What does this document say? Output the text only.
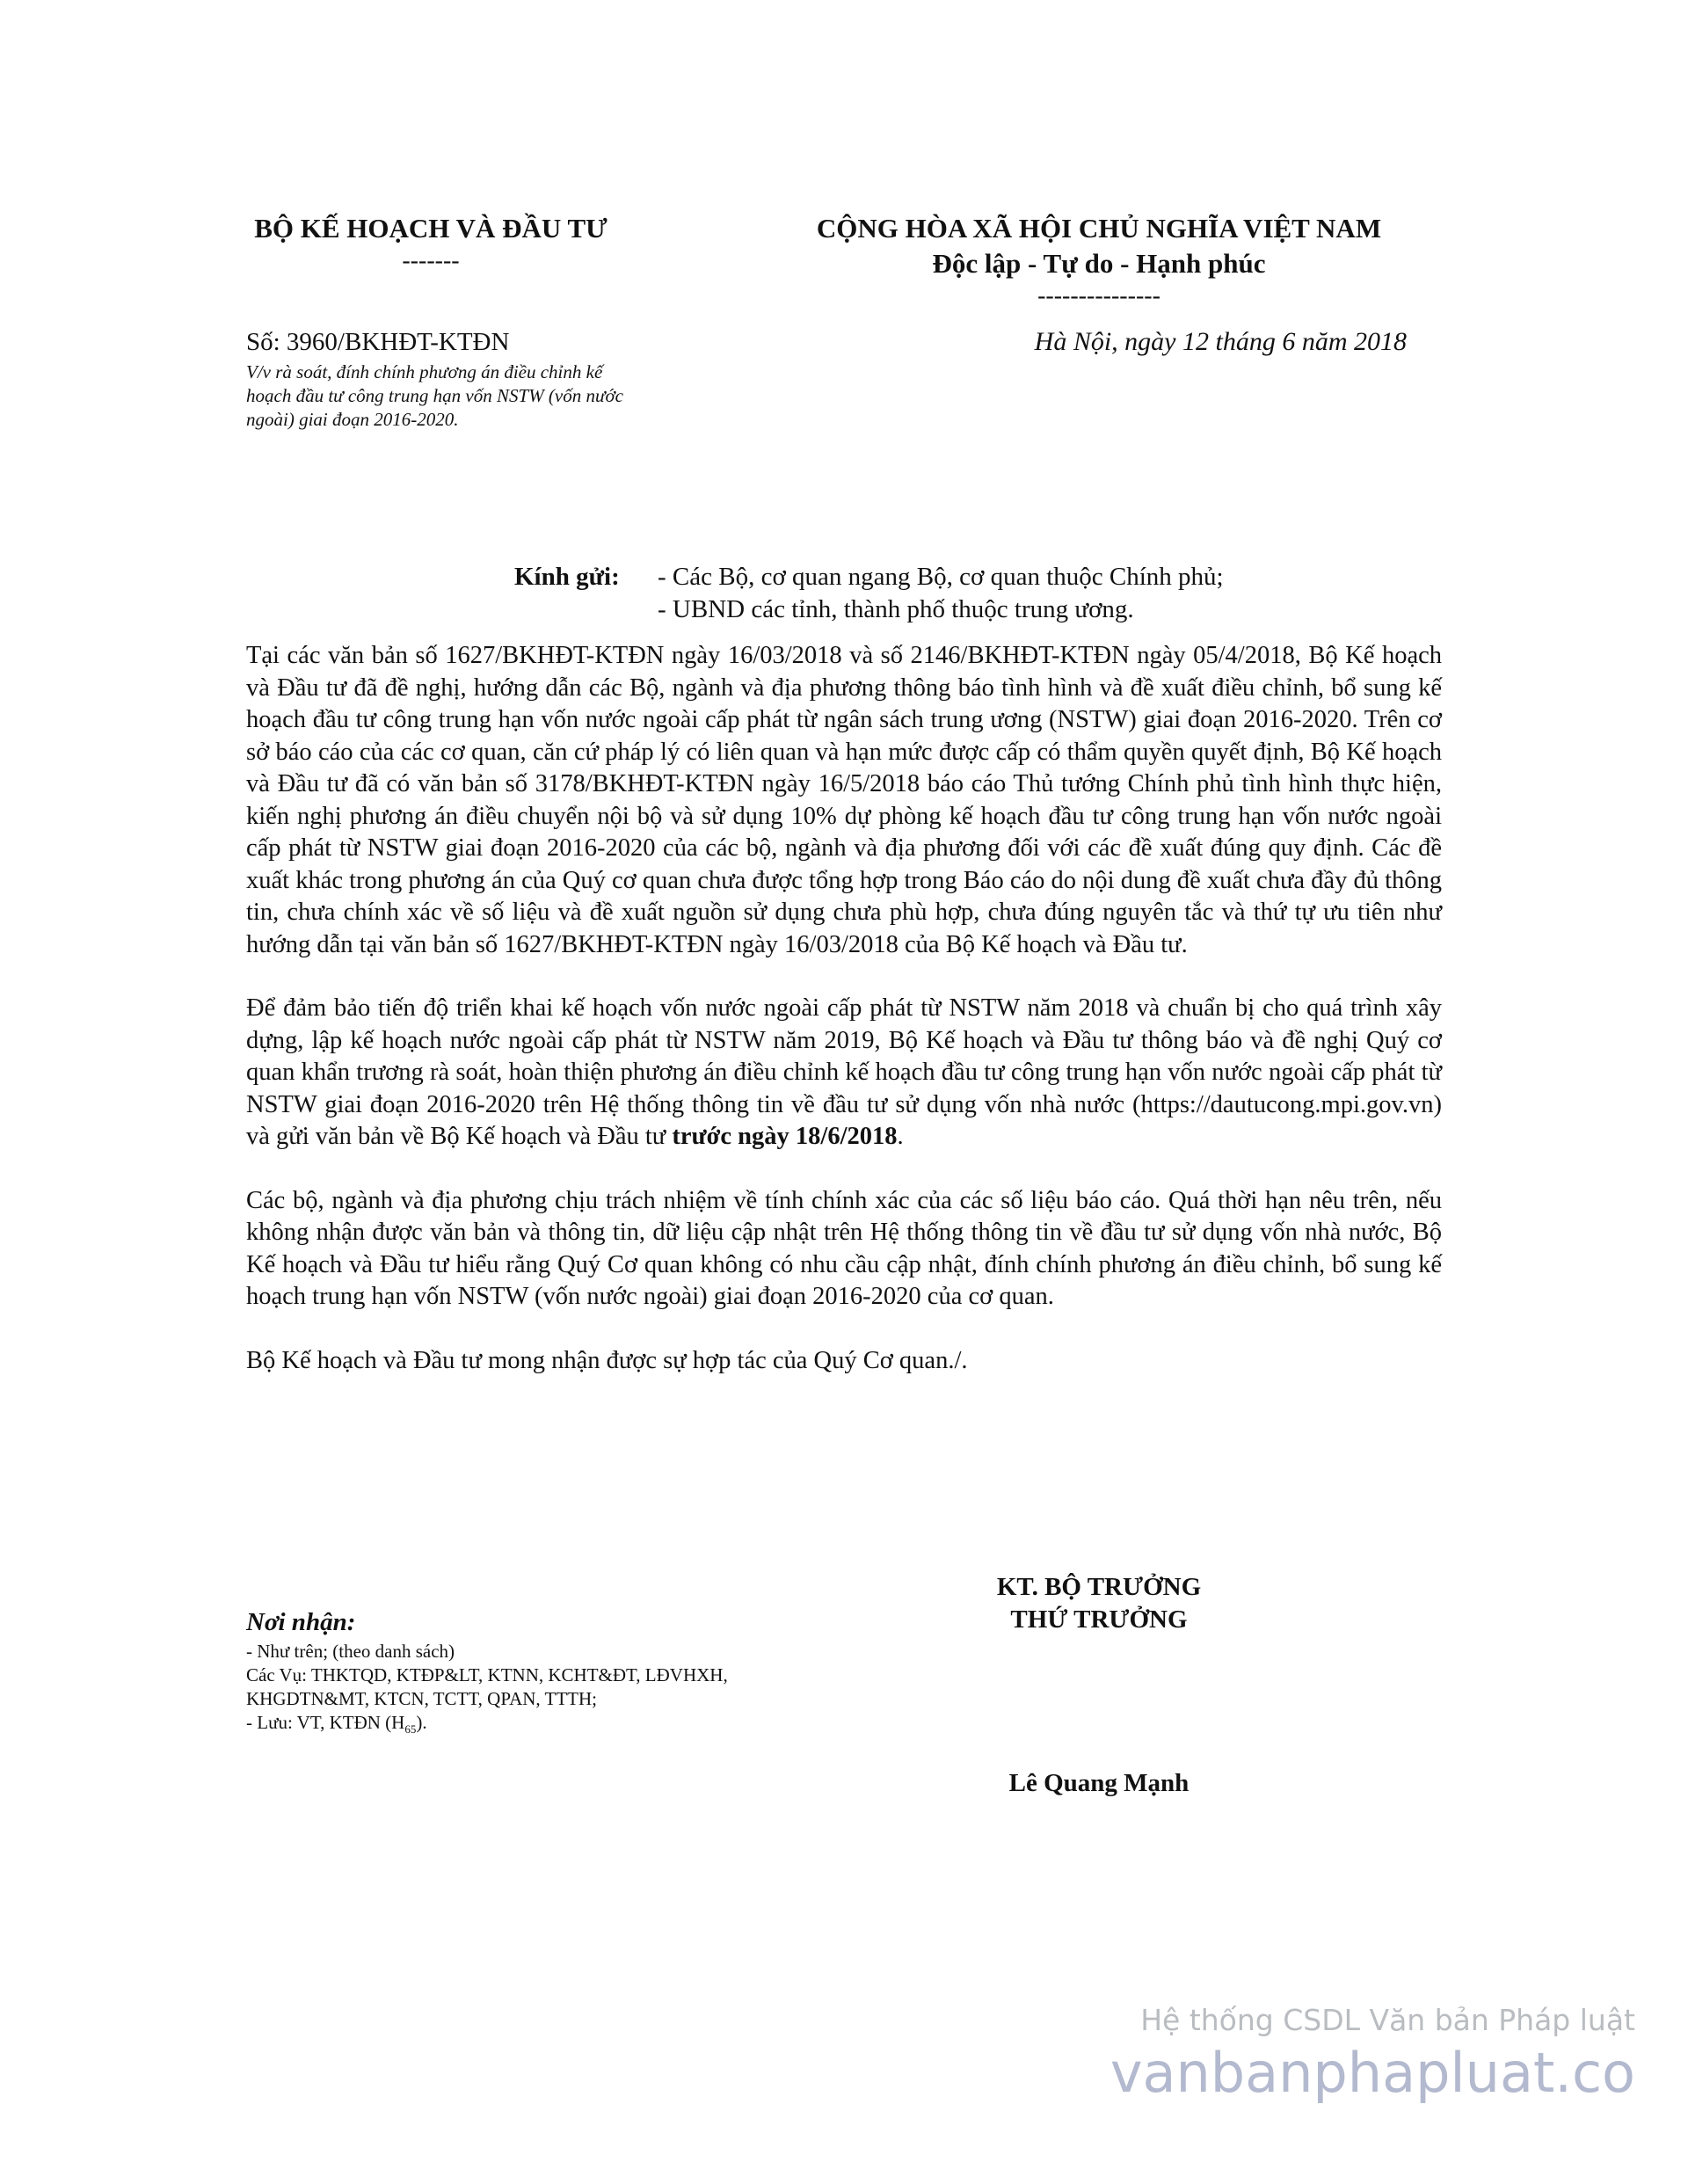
BỘ KẾ HOẠCH VÀ ĐẦU TƯ
-------
CỘNG HÒA XÃ HỘI CHỦ NGHĨA VIỆT NAM
Độc lập - Tự do - Hạnh phúc
---------------
Số: 3960/BKHĐT-KTĐN
V/v rà soát, đính chính phương án điều chỉnh kế hoạch đầu tư công trung hạn vốn NSTW (vốn nước ngoài) giai đoạn 2016-2020.
Hà Nội, ngày 12 tháng 6 năm 2018
Kính gửi: - Các Bộ, cơ quan ngang Bộ, cơ quan thuộc Chính phủ;
- UBND các tỉnh, thành phố thuộc trung ương.

Tại các văn bản số 1627/BKHĐT-KTĐN ngày 16/03/2018 và số 2146/BKHĐT-KTĐN ngày 05/4/2018, Bộ Kế hoạch và Đầu tư đã đề nghị, hướng dẫn các Bộ, ngành và địa phương thông báo tình hình và đề xuất điều chỉnh, bổ sung kế hoạch đầu tư công trung hạn vốn nước ngoài cấp phát từ ngân sách trung ương (NSTW) giai đoạn 2016-2020. Trên cơ sở báo cáo của các cơ quan, căn cứ pháp lý có liên quan và hạn mức được cấp có thẩm quyền quyết định, Bộ Kế hoạch và Đầu tư đã có văn bản số 3178/BKHĐT-KTĐN ngày 16/5/2018 báo cáo Thủ tướng Chính phủ tình hình thực hiện, kiến nghị phương án điều chuyển nội bộ và sử dụng 10% dự phòng kế hoạch đầu tư công trung hạn vốn nước ngoài cấp phát từ NSTW giai đoạn 2016-2020 của các bộ, ngành và địa phương đối với các đề xuất đúng quy định. Các đề xuất khác trong phương án của Quý cơ quan chưa được tổng hợp trong Báo cáo do nội dung đề xuất chưa đầy đủ thông tin, chưa chính xác về số liệu và đề xuất nguồn sử dụng chưa phù hợp, chưa đúng nguyên tắc và thứ tự ưu tiên như hướng dẫn tại văn bản số 1627/BKHĐT-KTĐN ngày 16/03/2018 của Bộ Kế hoạch và Đầu tư.

Để đảm bảo tiến độ triển khai kế hoạch vốn nước ngoài cấp phát từ NSTW năm 2018 và chuẩn bị cho quá trình xây dựng, lập kế hoạch nước ngoài cấp phát từ NSTW năm 2019, Bộ Kế hoạch và Đầu tư thông báo và đề nghị Quý cơ quan khẩn trương rà soát, hoàn thiện phương án điều chỉnh kế hoạch đầu tư công trung hạn vốn nước ngoài cấp phát từ NSTW giai đoạn 2016-2020 trên Hệ thống thông tin về đầu tư sử dụng vốn nhà nước (https://dautucong.mpi.gov.vn) và gửi văn bản về Bộ Kế hoạch và Đầu tư trước ngày 18/6/2018.

Các bộ, ngành và địa phương chịu trách nhiệm về tính chính xác của các số liệu báo cáo. Quá thời hạn nêu trên, nếu không nhận được văn bản và thông tin, dữ liệu cập nhật trên Hệ thống thông tin về đầu tư sử dụng vốn nhà nước, Bộ Kế hoạch và Đầu tư hiểu rằng Quý Cơ quan không có nhu cầu cập nhật, đính chính phương án điều chỉnh, bổ sung kế hoạch trung hạn vốn NSTW (vốn nước ngoài) giai đoạn 2016-2020 của cơ quan.

Bộ Kế hoạch và Đầu tư mong nhận được sự hợp tác của Quý Cơ quan./.

KT. BỘ TRƯỞNG
THỨ TRƯỞNG
Lê Quang Mạnh
Nơi nhận:
- Như trên; (theo danh sách)
Các Vụ: THKTQD, KTĐP&LT, KTNN, KCHT&ĐT, LĐVHXH, KHGDTN&MT, KTCN, TCTT, QPAN, TTTH;
- Lưu: VT, KTĐN $(H_{65})$.
Hệ thống CSDL Văn bản Pháp luật
vanbanphapluat.co
